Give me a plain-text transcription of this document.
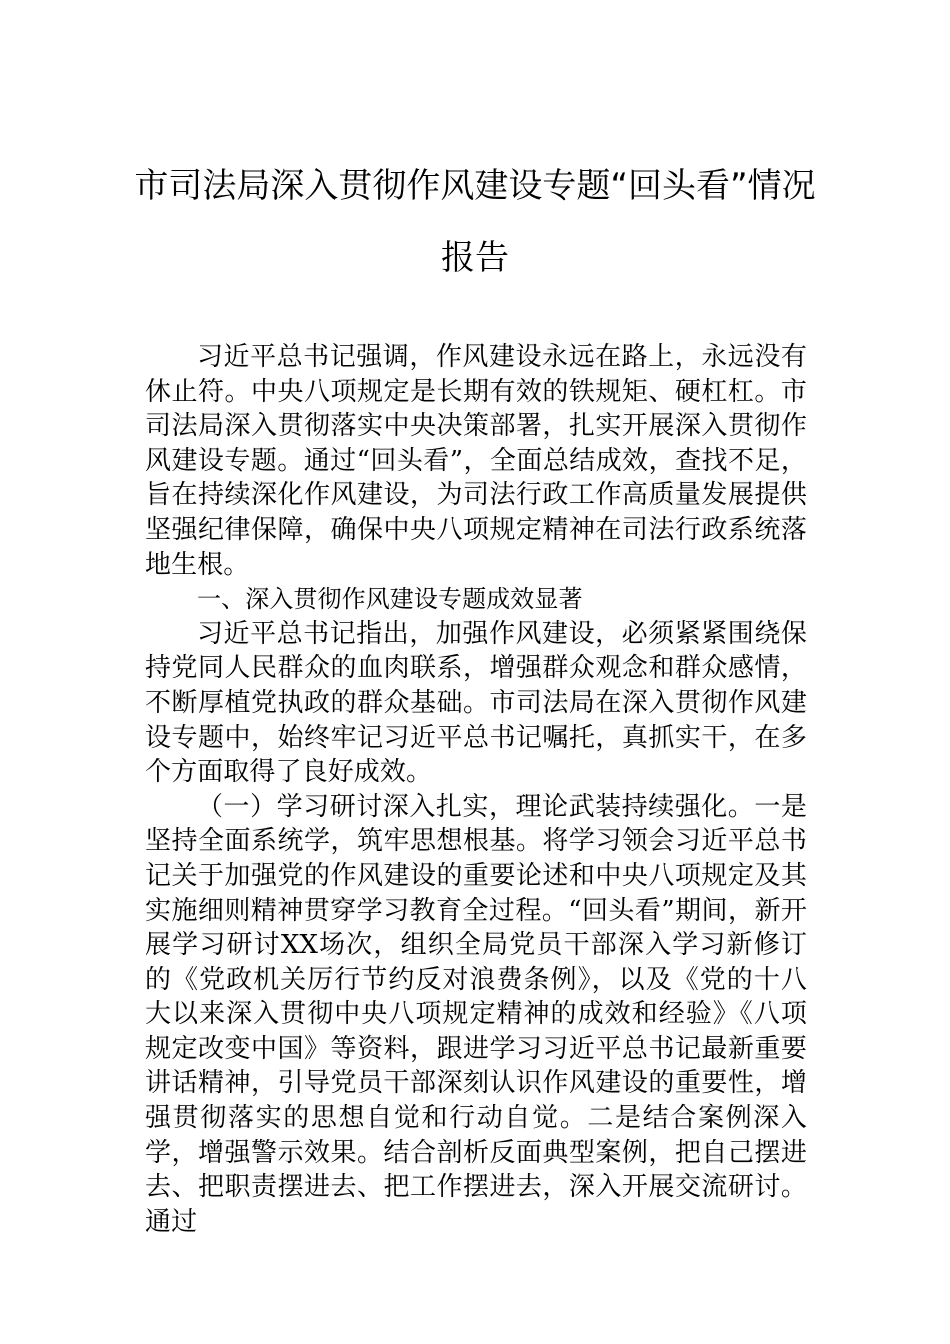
市司法局深入贯彻作风建设专题“回头看”情况报告

习近平总书记强调，作风建设永远在路上，永远没有休止符。中央八项规定是长期有效的铁规矩、硬杠杠。市司法局深入贯彻落实中央决策部署，扎实开展深入贯彻作风建设专题。通过“回头看”，全面总结成效，查找不足，旨在持续深化作风建设，为司法行政工作高质量发展提供坚强纪律保障，确保中央八项规定精神在司法行政系统落地生根。

一、深入贯彻作风建设专题成效显著

习近平总书记指出，加强作风建设，必须紧紧围绕保持党同人民群众的血肉联系，增强群众观念和群众感情，不断厚植党执政的群众基础。市司法局在深入贯彻作风建设专题中，始终牢记习近平总书记嘱托，真抓实干，在多个方面取得了良好成效。

（一）学习研讨深入扎实，理论武装持续强化。一是坚持全面系统学，筑牢思想根基。将学习领会习近平总书记关于加强党的作风建设的重要论述和中央八项规定及其实施细则精神贯穿学习教育全过程。“回头看”期间，新开展学习研讨XX场次，组织全局党员干部深入学习新修订的《党政机关厉行节约反对浪费条例》，以及《党的十八大以来深入贯彻中央八项规定精神的成效和经验》《八项规定改变中国》等资料，跟进学习习近平总书记最新重要讲话精神，引导党员干部深刻认识作风建设的重要性，增强贯彻落实的思想自觉和行动自觉。二是结合案例深入学，增强警示效果。结合剖析反面典型案例，把自己摆进去、把职责摆进去、把工作摆进去，深入开展交流研讨。通过
